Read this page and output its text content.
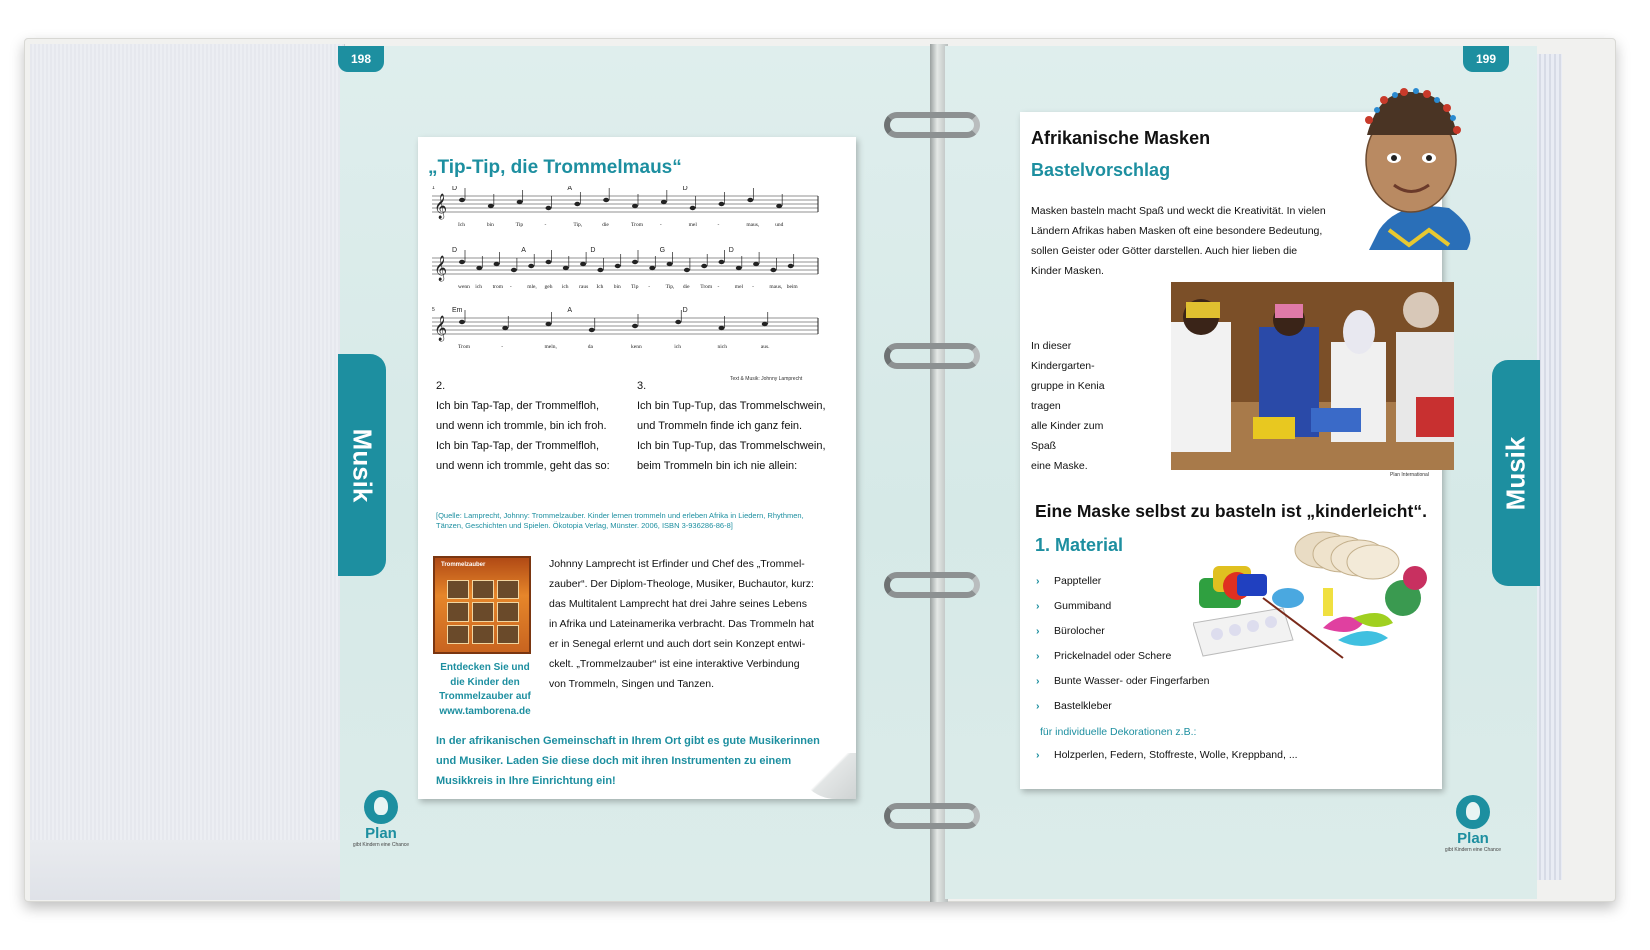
198	199
Musik	Musik
„Tip-Tip, die Trommelmaus“
𝄞
𝄞
𝄞
1
5
D	A	D
D	A	D	G	D
Em	A	D
Ich	bin	Tip	-	Tip,	die	Trom	-	mel	-	maus,	und
wenn ich trom -	mle, geh ich raus Ich bin Tip -	Tip, die Trom -	mel -	maus, beim
Trom	-	meln,	da	kenn	ich	nich	aus.
Text & Musik: Johnny Lamprecht
2.
Ich bin Tap-Tap, der Trommelfloh,
und wenn ich trommle, bin ich froh.
Ich bin Tap-Tap, der Trommelfloh,
und wenn ich trommle, geht das so:
3.
Ich bin Tup-Tup, das Trommelschwein,
und Trommeln finde ich ganz fein.
Ich bin Tup-Tup, das Trommelschwein,
beim Trommeln bin ich nie allein:
[Quelle: Lamprecht, Johnny: Trommelzauber. Kinder lernen trommeln und erleben Afrika in Liedern, Rhythmen, Tänzen, Geschichten und Spielen. Ökotopia Verlag, Münster. 2006, ISBN 3-936286-86-8]
Trommelzauber
Entdecken Sie und
die Kinder den
Trommelzauber auf
www.tamborena.de
Johnny Lamprecht ist Erfinder und Chef des „Trommel-
zauber“. Der Diplom-Theologe, Musiker, Buchautor, kurz:
das Multitalent Lamprecht hat drei Jahre seines Lebens
in Afrika und Lateinamerika verbracht. Das Trommeln hat
er in Senegal erlernt und auch dort sein Konzept entwi-
ckelt. „Trommelzauber“ ist eine interaktive Verbindung
von Trommeln, Singen und Tanzen.
In der afrikanischen Gemeinschaft in Ihrem Ort gibt es gute Musikerinnen
und Musiker. Laden Sie diese doch mit ihren Instrumenten zu einem
Musikkreis in Ihre Einrichtung ein!
Plan
gibt Kindern eine Chance
Afrikanische Masken
Bastelvorschlag
Masken basteln macht Spaß und weckt die Kreativität. In vielen
Ländern Afrikas haben Masken oft eine besondere Bedeutung,
sollen Geister oder Götter darstellen. Auch hier lieben die
Kinder Masken.
In dieser Kindergarten-
gruppe in Kenia tragen
alle Kinder zum Spaß
eine Maske.
Plan International
Eine Maske selbst zu basteln ist „kinderleicht“.
1. Material
› Pappteller
› Gummiband
› Bürolocher
› Prickelnadel oder Schere
› Bunte Wasser- oder Fingerfarben
› Bastelkleber
für individuelle Dekorationen z.B.:
› Holzperlen, Federn, Stoffreste, Wolle, Kreppband, ...
Plan
gibt Kindern eine Chance
